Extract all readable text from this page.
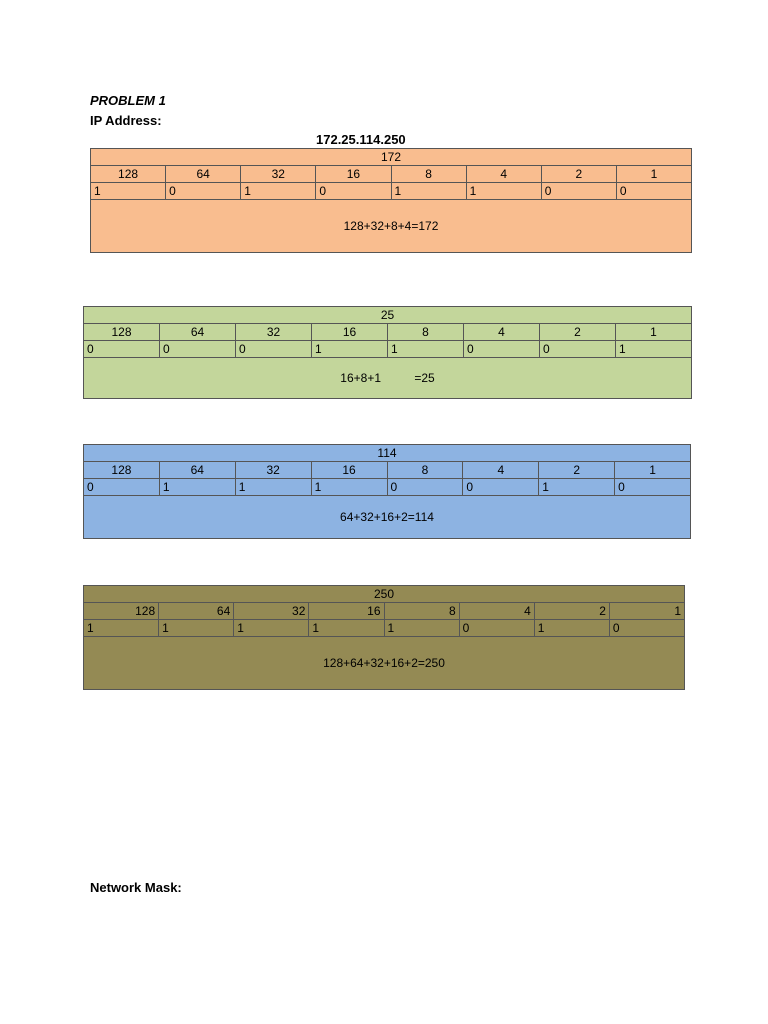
PROBLEM 1
IP Address:
172.25.114.250
172							
128	64	32	16	8	4	2	1
1	0	1	0	1	1	0	0
128+32+8+4=172							
25							
128	64	32	16	8	4	2	1
0	0	0	1	1	0	0	1
16+8+1          =25							
114							
128	64	32	16	8	4	2	1
0	1	1	1	0	0	1	0
64+32+16+2=114							
250							
128	64	32	16	8	4	2	1
1	1	1	1	1	0	1	0
128+64+32+16+2=250							
Network Mask:
